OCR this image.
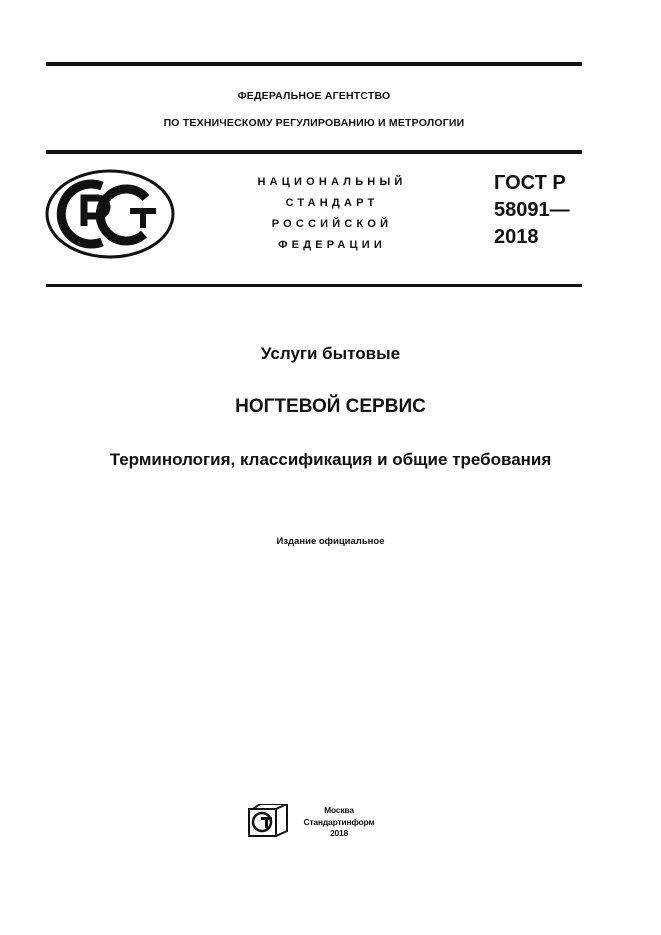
ФЕДЕРАЛЬНОЕ АГЕНТСТВО
ПО ТЕХНИЧЕСКОМУ РЕГУЛИРОВАНИЮ И МЕТРОЛОГИИ
НАЦИОНАЛЬНЫЙ
СТАНДАРТ
РОССИЙСКОЙ
ФЕДЕРАЦИИ
ГОСТ Р
58091—
2018
Услуги бытовые
НОГТЕВОЙ СЕРВИС
Терминология, классификация и общие требования
Издание официальное
Москва
Стандартинформ
2018
